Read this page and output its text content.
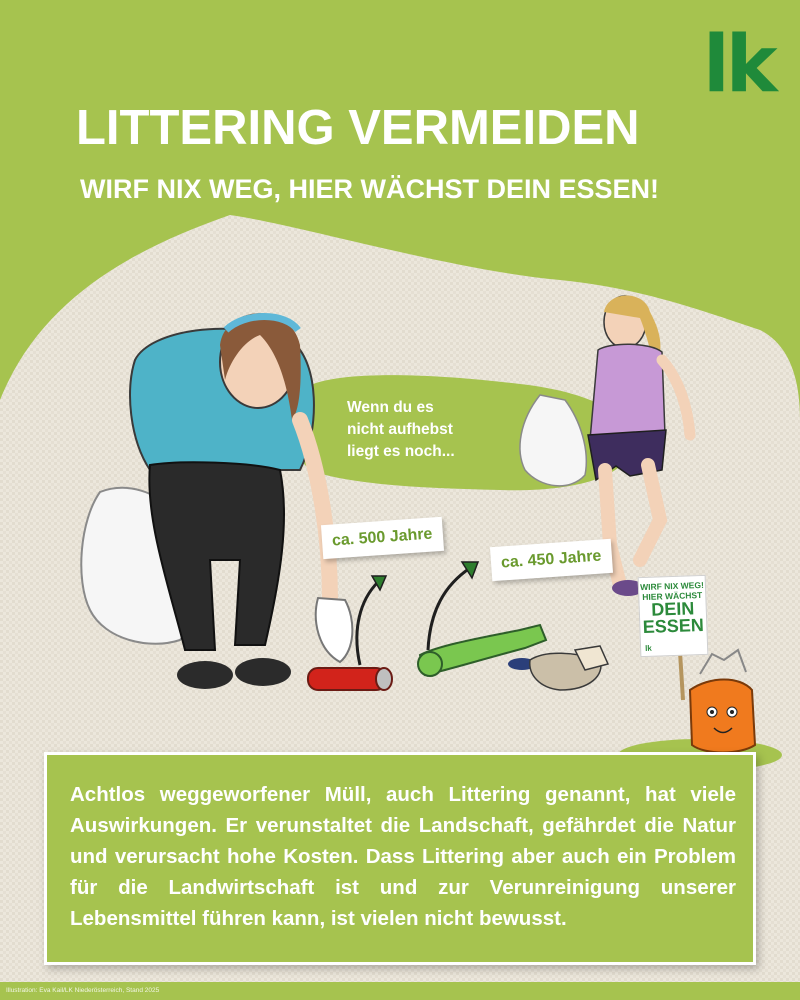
lk
LITTERING VERMEIDEN
WIRF NIX WEG, HIER WÄCHST DEIN ESSEN!
Wenn du es
nicht aufhebst
liegt es noch...
ca. 500 Jahre
ca. 450 Jahre
WIRF NIX WEG!
HIER WÄCHST
DEIN
ESSEN
lk

Achtlos weggeworfener Müll, auch Littering genannt, hat viele Auswirkungen. Er verunstaltet die Landschaft, gefährdet die Natur und verursacht hohe Kosten. Dass Littering aber auch ein Problem für die Landwirtschaft ist und zur Verunreinigung unserer Lebensmittel führen kann, ist vielen nicht bewusst.

Illustration: Eva Kail/LK Niederösterreich, Stand 2025
